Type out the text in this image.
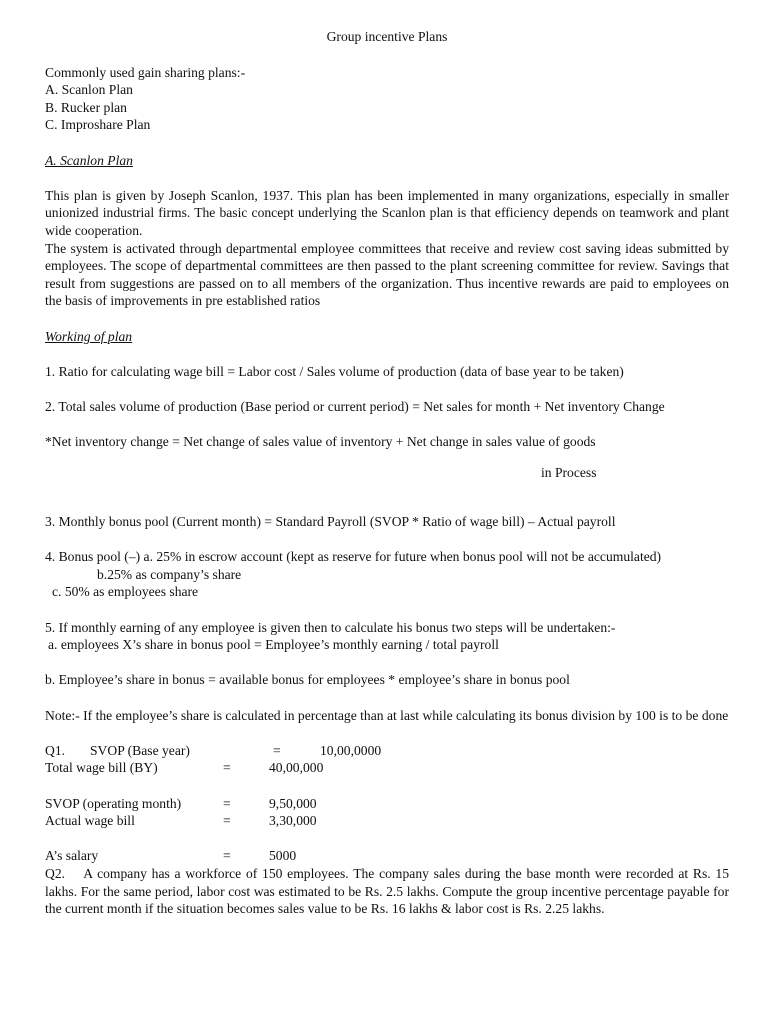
Group incentive Plans

Commonly used gain sharing plans:-

A. Scanlon Plan

B. Rucker plan

C. Improshare Plan

A. Scanlon Plan

This plan is given by Joseph Scanlon, 1937. This plan has been implemented in many organizations, especially in smaller unionized industrial firms. The basic concept underlying the Scanlon plan is that efficiency depends on teamwork and plant wide cooperation.

The system is activated through departmental employee committees that receive and review cost saving ideas submitted by employees. The scope of departmental committees are then passed to the plant screening committee for review. Savings that result from suggestions are passed on to all members of the organization. Thus incentive rewards are paid to employees on the basis of improvements in pre established ratios

Working of plan

1. Ratio for calculating wage bill = Labor cost / Sales volume of production (data of base year to be taken)

2. Total sales volume of production (Base period or current period) = Net sales for month + Net inventory Change

*Net inventory change = Net change of sales value of inventory + Net change in sales value of goods

in Process

3. Monthly bonus pool (Current month) = Standard Payroll (SVOP * Ratio of wage bill) – Actual payroll

4. Bonus pool (–) a. 25% in escrow account (kept as reserve for future when bonus pool will not be accumulated)

b.25% as company’s share

c. 50% as employees share

5. If monthly earning of any employee is given then to calculate his bonus two steps will be undertaken:-

a. employees X’s share in bonus pool = Employee’s monthly earning / total payroll

b. Employee’s share in bonus = available bonus for employees * employee’s share in bonus pool

Note:- If the employee’s share is calculated in percentage than at last while calculating its bonus division by 100 is to be done

Q1.	SVOP (Base year)	=	10,00,0000
Total wage bill (BY)	=	40,00,000
SVOP (operating month)	=	9,50,000
Actual wage bill	=	3,30,000
A’s salary	=	5000

Q2.    A company has a workforce of 150 employees. The company sales during the base month were recorded at Rs. 15 lakhs. For the same period, labor cost was estimated to be Rs. 2.5 lakhs. Compute the group incentive percentage payable for the current month if the situation becomes sales value to be Rs. 16 lakhs & labor cost is Rs. 2.25 lakhs.
